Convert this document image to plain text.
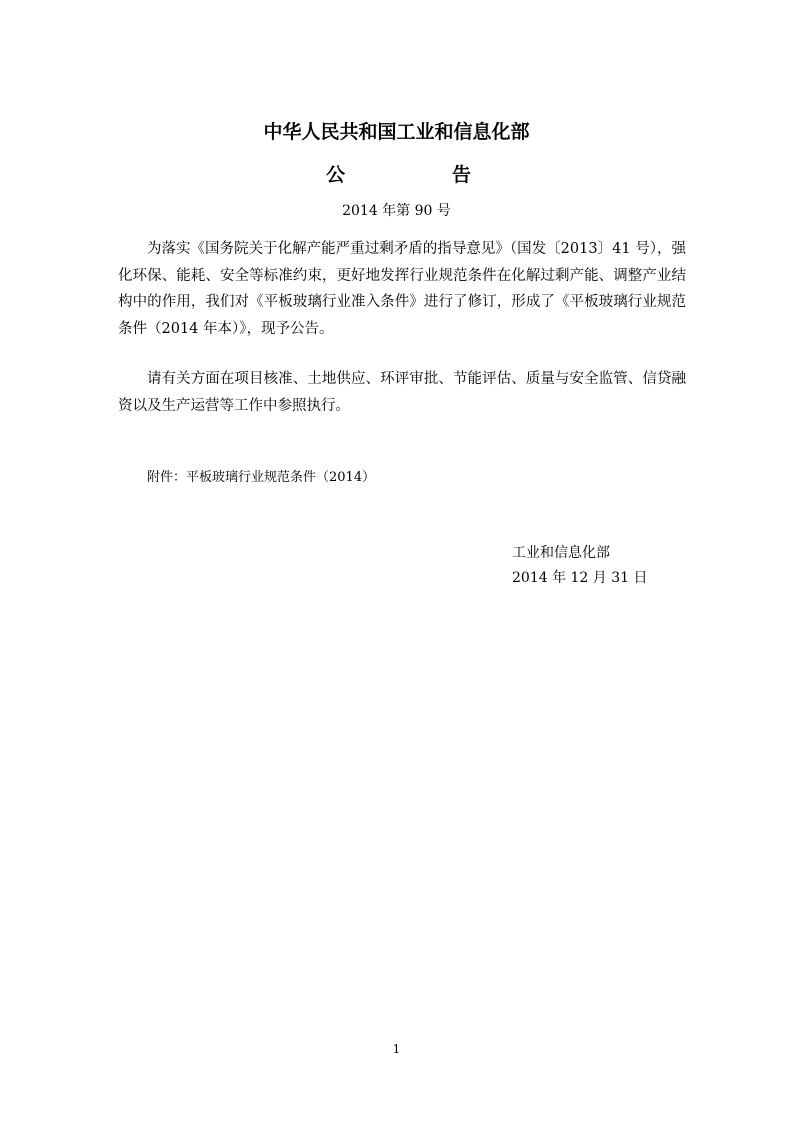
中华人民共和国工业和信息化部
公	告
2014 年第 90 号

为落实《国务院关于化解产能严重过剩矛盾的指导意见》（国发〔2013〕41 号），强化环保、能耗、安全等标准约束，更好地发挥行业规范条件在化解过剩产能、调整产业结构中的作用，我们对《平板玻璃行业准入条件》进行了修订，形成了《平板玻璃行业规范条件（2014 年本）》，现予公告。

请有关方面在项目核准、土地供应、环评审批、节能评估、质量与安全监管、信贷融资以及生产运营等工作中参照执行。

附件：平板玻璃行业规范条件（2014）
工业和信息化部
2014 年 12 月 31 日
1
